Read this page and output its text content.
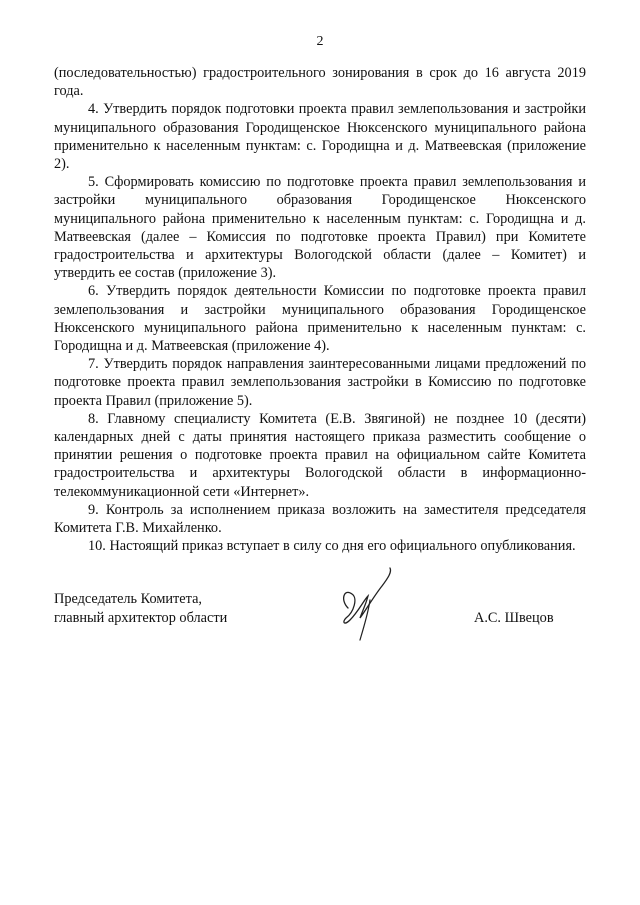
2

(последовательностью) градостроительного зонирования в срок до 16 августа 2019 года.

4. Утвердить порядок подготовки проекта правил землепользования и застройки муниципального образования Городищенское Нюксенского муниципального района применительно к населенным пунктам: с. Городищна и д. Матвеевская (приложение 2).

5. Сформировать комиссию по подготовке проекта правил землепользования и застройки муниципального образования Городищенское Нюксенского муниципального района применительно к населенным пунктам: с. Городищна и д. Матвеевская (далее – Комиссия по подготовке проекта Правил) при Комитете градостроительства и архитектуры Вологодской области (далее – Комитет) и утвердить ее состав (приложение 3).

6. Утвердить порядок деятельности Комиссии по подготовке проекта правил землепользования и застройки муниципального образования Городищенское Нюксенского муниципального района применительно к населенным пунктам: с. Городищна и д. Матвеевская (приложение 4).

7. Утвердить порядок направления заинтересованными лицами предложений по подготовке проекта правил землепользования застройки в Комиссию по подготовке проекта Правил (приложение 5).

8. Главному специалисту Комитета (Е.В. Звягиной) не позднее 10 (десяти) календарных дней с даты принятия настоящего приказа разместить сообщение о принятии решения о подготовке проекта правил на официальном сайте Комитета градостроительства и архитектуры Вологодской области в информационно-телекоммуникационной сети «Интернет».

9. Контроль за исполнением приказа возложить на заместителя председателя Комитета Г.В. Михайленко.

10. Настоящий приказ вступает в силу со дня его официального опубликования.

Председатель Комитета,
главный архитектор области	А.С. Швецов
